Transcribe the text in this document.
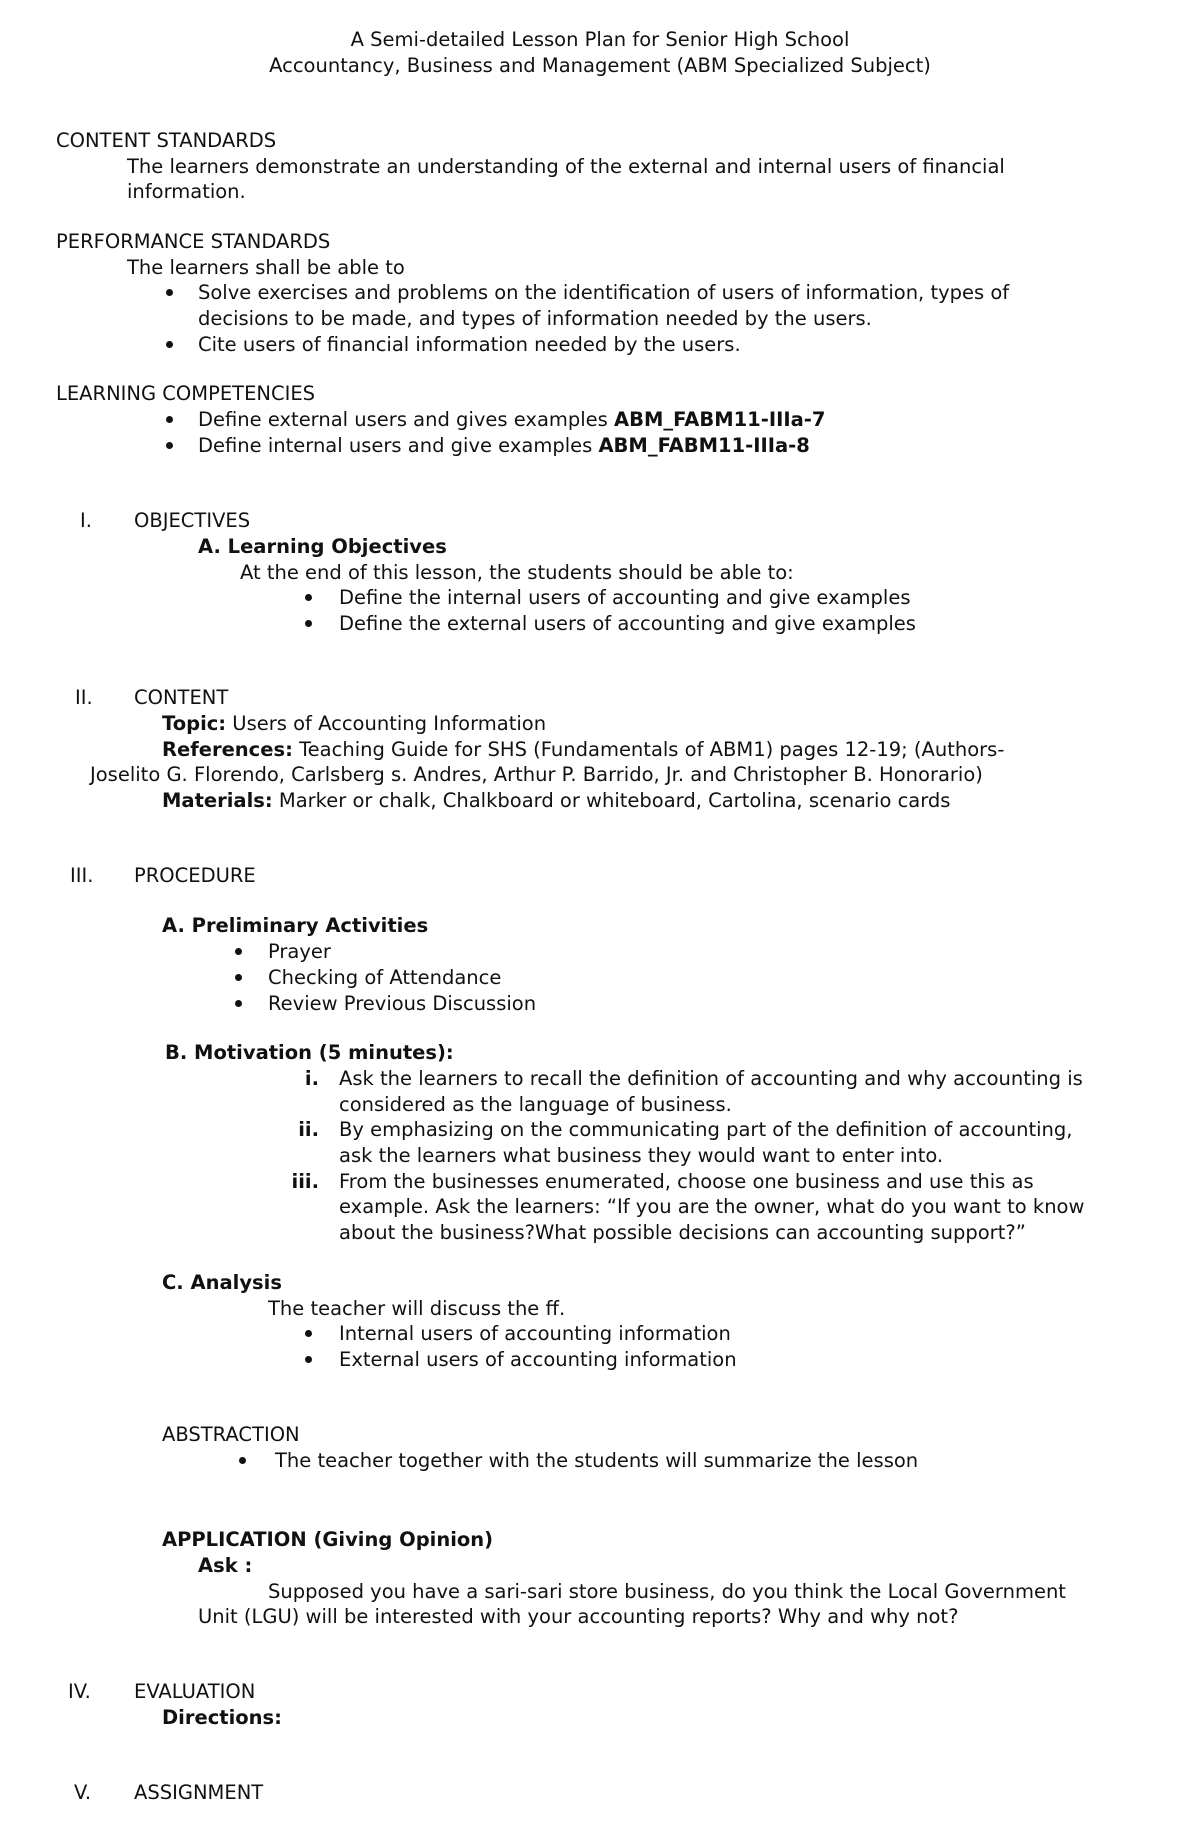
A Semi-detailed Lesson Plan for Senior High School
Accountancy, Business and Management (ABM Specialized Subject)
CONTENT STANDARDS
The learners demonstrate an understanding of the external and internal users of financial
information.
PERFORMANCE STANDARDS
The learners shall be able to
Solve exercises and problems on the identification of users of information, types of
decisions to be made, and types of information needed by the users.
Cite users of financial information needed by the users.
LEARNING COMPETENCIES
Define external users and gives examples ABM_FABM11-IIIa-7
Define internal users and give examples ABM_FABM11-IIIa-8
I. OBJECTIVES
A. Learning Objectives
At the end of this lesson, the students should be able to:
Define the internal users of accounting and give examples
Define the external users of accounting and give examples
II. CONTENT
Topic: Users of Accounting Information
References: Teaching Guide for SHS (Fundamentals of ABM1) pages 12-19; (Authors-
Joselito G. Florendo, Carlsberg s. Andres, Arthur P. Barrido, Jr. and Christopher B. Honorario)
Materials: Marker or chalk, Chalkboard or whiteboard, Cartolina, scenario cards
III. PROCEDURE
A. Preliminary Activities
Prayer
Checking of Attendance
Review Previous Discussion
B. Motivation (5 minutes):
i. Ask the learners to recall the definition of accounting and why accounting is
considered as the language of business.
ii. By emphasizing on the communicating part of the definition of accounting,
ask the learners what business they would want to enter into.
iii. From the businesses enumerated, choose one business and use this as
example. Ask the learners: “If you are the owner, what do you want to know
about the business?What possible decisions can accounting support?”
C. Analysis
The teacher will discuss the ff.
Internal users of accounting information
External users of accounting information
ABSTRACTION
The teacher together with the students will summarize the lesson
APPLICATION (Giving Opinion)
Ask :
Supposed you have a sari-sari store business, do you think the Local Government
Unit (LGU) will be interested with your accounting reports? Why and why not?
IV. EVALUATION
Directions:
V. ASSIGNMENT
